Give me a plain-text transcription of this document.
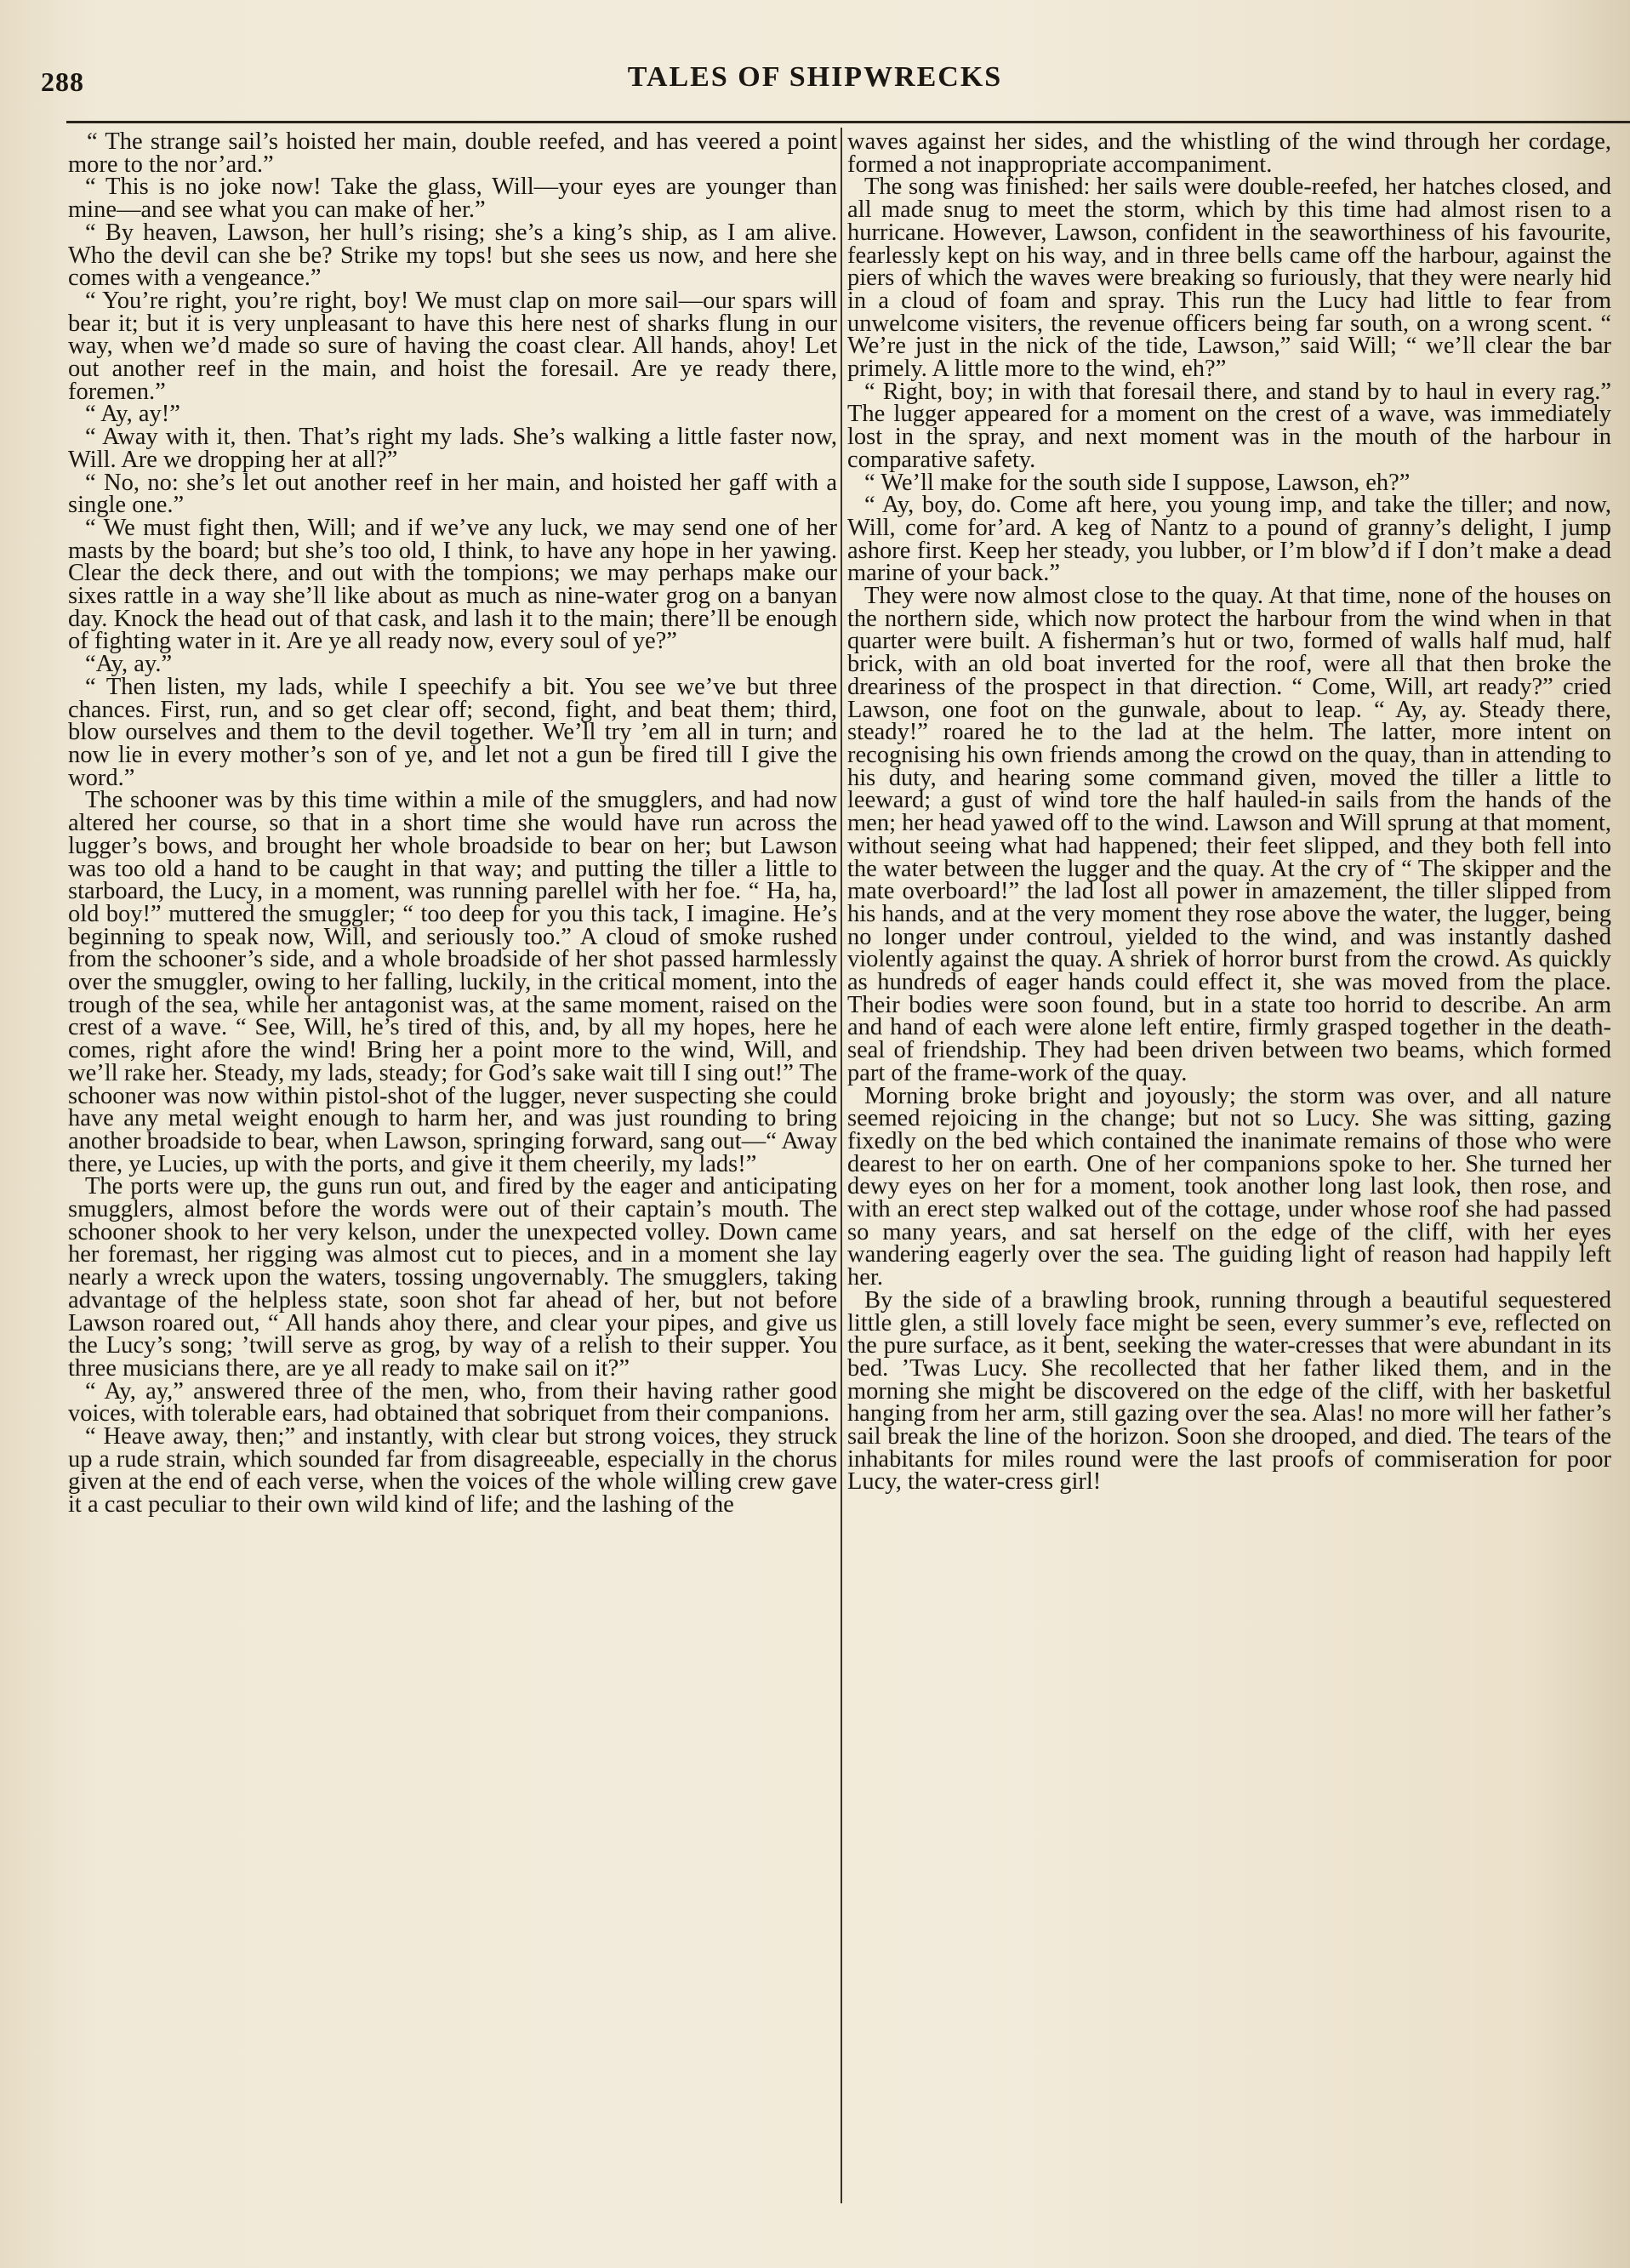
288	TALES OF SHIPWRECKS

“ The strange sail’s hoisted her main, double reefed, and has veered a point more to the nor’ard.”

“ This is no joke now! Take the glass, Will—your eyes are younger than mine—and see what you can make of her.”

“ By heaven, Lawson, her hull’s rising; she’s a king’s ship, as I am alive. Who the devil can she be? Strike my tops! but she sees us now, and here she comes with a vengeance.”

“ You’re right, you’re right, boy! We must clap on more sail—our spars will bear it; but it is very unpleasant to have this here nest of sharks flung in our way, when we’d made so sure of having the coast clear. All hands, ahoy! Let out another reef in the main, and hoist the foresail. Are ye ready there, foremen.”

“ Ay, ay!”

“ Away with it, then. That’s right my lads. She’s walking a little faster now, Will. Are we dropping her at all?”

“ No, no: she’s let out another reef in her main, and hoisted her gaff with a single one.”

“ We must fight then, Will; and if we’ve any luck, we may send one of her masts by the board; but she’s too old, I think, to have any hope in her yawing. Clear the deck there, and out with the tompions; we may perhaps make our sixes rattle in a way she’ll like about as much as nine-water grog on a banyan day. Knock the head out of that cask, and lash it to the main; there’ll be enough of fighting water in it. Are ye all ready now, every soul of ye?”

“Ay, ay.”

“ Then listen, my lads, while I speechify a bit. You see we’ve but three chances. First, run, and so get clear off; second, fight, and beat them; third, blow ourselves and them to the devil together. We’ll try ’em all in turn; and now lie in every mother’s son of ye, and let not a gun be fired till I give the word.”

The schooner was by this time within a mile of the smugglers, and had now altered her course, so that in a short time she would have run across the lugger’s bows, and brought her whole broadside to bear on her; but Lawson was too old a hand to be caught in that way; and putting the tiller a little to starboard, the Lucy, in a moment, was running parellel with her foe. “ Ha, ha, old boy!” muttered the smuggler; “ too deep for you this tack, I imagine. He’s beginning to speak now, Will, and seriously too.” A cloud of smoke rushed from the schooner’s side, and a whole broadside of her shot passed harmlessly over the smuggler, owing to her falling, luckily, in the critical moment, into the trough of the sea, while her antagonist was, at the same moment, raised on the crest of a wave. “ See, Will, he’s tired of this, and, by all my hopes, here he comes, right afore the wind! Bring her a point more to the wind, Will, and we’ll rake her. Steady, my lads, steady; for God’s sake wait till I sing out!” The schooner was now within pistol-shot of the lugger, never suspecting she could have any metal weight enough to harm her, and was just rounding to bring another broadside to bear, when Lawson, springing forward, sang out—“ Away there, ye Lucies, up with the ports, and give it them cheerily, my lads!”

The ports were up, the guns run out, and fired by the eager and anticipating smugglers, almost before the words were out of their captain’s mouth. The schooner shook to her very kelson, under the unexpected volley. Down came her foremast, her rigging was almost cut to pieces, and in a moment she lay nearly a wreck upon the waters, tossing ungovernably. The smugglers, taking advantage of the helpless state, soon shot far ahead of her, but not before Lawson roared out, “ All hands ahoy there, and clear your pipes, and give us the Lucy’s song; ’twill serve as grog, by way of a relish to their supper. You three musicians there, are ye all ready to make sail on it?”

“ Ay, ay,” answered three of the men, who, from their having rather good voices, with tolerable ears, had obtained that sobriquet from their companions.

“ Heave away, then;” and instantly, with clear but strong voices, they struck up a rude strain, which sounded far from disagreeable, especially in the chorus given at the end of each verse, when the voices of the whole willing crew gave it a cast peculiar to their own wild kind of life; and the lashing of the

waves against her sides, and the whistling of the wind through her cordage, formed a not inappropriate accompaniment.

The song was finished: her sails were double-reefed, her hatches closed, and all made snug to meet the storm, which by this time had almost risen to a hurricane. However, Lawson, confident in the seaworthiness of his favourite, fearlessly kept on his way, and in three bells came off the harbour, against the piers of which the waves were breaking so furiously, that they were nearly hid in a cloud of foam and spray. This run the Lucy had little to fear from unwelcome visiters, the revenue officers being far south, on a wrong scent. “ We’re just in the nick of the tide, Lawson,” said Will; “ we’ll clear the bar primely. A little more to the wind, eh?”

“ Right, boy; in with that foresail there, and stand by to haul in every rag.” The lugger appeared for a moment on the crest of a wave, was immediately lost in the spray, and next moment was in the mouth of the harbour in comparative safety.

“ We’ll make for the south side I suppose, Lawson, eh?”

“ Ay, boy, do. Come aft here, you young imp, and take the tiller; and now, Will, come for’ard. A keg of Nantz to a pound of granny’s delight, I jump ashore first. Keep her steady, you lubber, or I’m blow’d if I don’t make a dead marine of your back.”

They were now almost close to the quay. At that time, none of the houses on the northern side, which now protect the harbour from the wind when in that quarter were built. A fisherman’s hut or two, formed of walls half mud, half brick, with an old boat inverted for the roof, were all that then broke the dreariness of the prospect in that direction. “ Come, Will, art ready?” cried Lawson, one foot on the gunwale, about to leap. “ Ay, ay. Steady there, steady!” roared he to the lad at the helm. The latter, more intent on recognising his own friends among the crowd on the quay, than in attending to his duty, and hearing some command given, moved the tiller a little to leeward; a gust of wind tore the half hauled-in sails from the hands of the men; her head yawed off to the wind. Lawson and Will sprung at that moment, without seeing what had happened; their feet slipped, and they both fell into the water between the lugger and the quay. At the cry of “ The skipper and the mate overboard!” the lad lost all power in amazement, the tiller slipped from his hands, and at the very moment they rose above the water, the lugger, being no longer under controul, yielded to the wind, and was instantly dashed violently against the quay. A shriek of horror burst from the crowd. As quickly as hundreds of eager hands could effect it, she was moved from the place. Their bodies were soon found, but in a state too horrid to describe. An arm and hand of each were alone left entire, firmly grasped together in the death-seal of friendship. They had been driven between two beams, which formed part of the frame-work of the quay.

Morning broke bright and joyously; the storm was over, and all nature seemed rejoicing in the change; but not so Lucy. She was sitting, gazing fixedly on the bed which contained the inanimate remains of those who were dearest to her on earth. One of her companions spoke to her. She turned her dewy eyes on her for a moment, took another long last look, then rose, and with an erect step walked out of the cottage, under whose roof she had passed so many years, and sat herself on the edge of the cliff, with her eyes wandering eagerly over the sea. The guiding light of reason had happily left her.

By the side of a brawling brook, running through a beautiful sequestered little glen, a still lovely face might be seen, every summer’s eve, reflected on the pure surface, as it bent, seeking the water-cresses that were abundant in its bed. ’Twas Lucy. She recollected that her father liked them, and in the morning she might be discovered on the edge of the cliff, with her basketful hanging from her arm, still gazing over the sea. Alas! no more will her father’s sail break the line of the horizon. Soon she drooped, and died. The tears of the inhabitants for miles round were the last proofs of commiseration for poor Lucy, the water-cress girl!
